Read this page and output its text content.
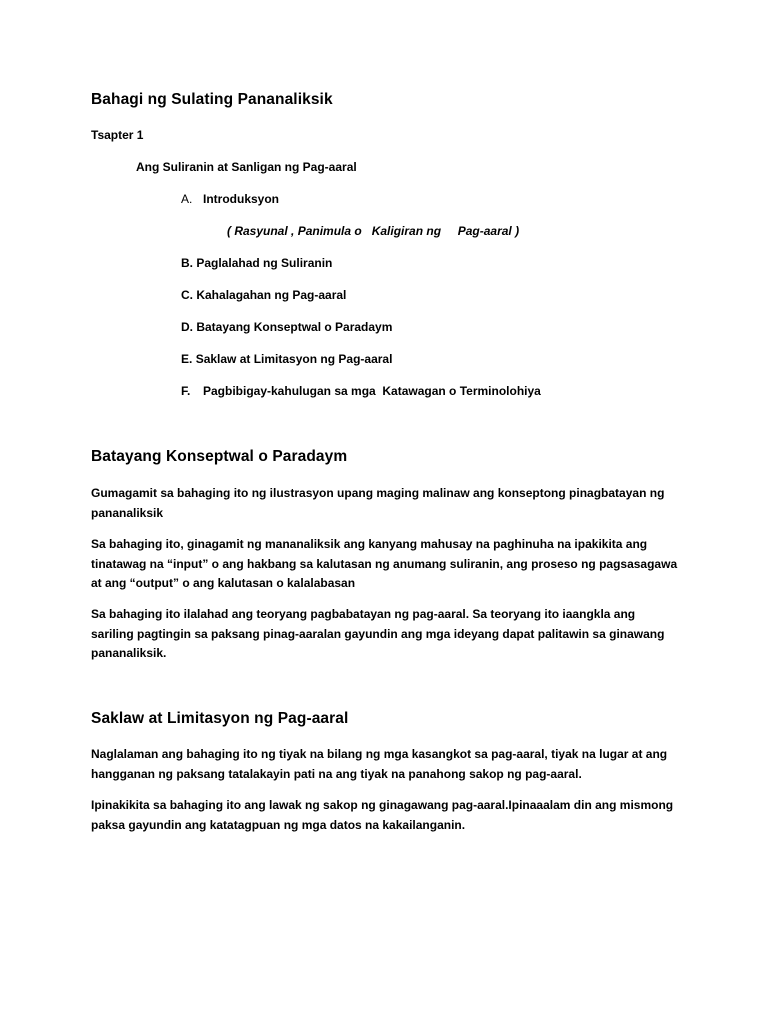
Bahagi ng Sulating Pananaliksik
Tsapter 1
Ang Suliranin at Sanligan ng Pag-aaral
A. Introduksyon
( Rasyunal , Panimula o   Kaligiran ng     Pag-aaral )
B. Paglalahad ng Suliranin
C. Kahalagahan ng Pag-aaral
D. Batayang Konseptwal o Paradaym
E. Saklaw at Limitasyon ng Pag-aaral
F. Pagbibigay-kahulugan sa mga  Katawagan o Terminolohiya
Batayang Konseptwal o Paradaym
Gumagamit sa bahaging ito ng ilustrasyon upang maging malinaw ang konseptong pinagbatayan ng pananaliksik
Sa bahaging ito, ginagamit ng mananaliksik ang kanyang mahusay na paghinuha na ipakikita ang tinatawag na “input” o ang hakbang sa kalutasan ng anumang suliranin, ang proseso ng pagsasagawa at ang “output” o ang kalutasan o kalalabasan
Sa bahaging ito ilalahad ang teoryang pagbabatayan ng pag-aaral. Sa teoryang ito iaangkla ang sariling pagtingin sa paksang pinag-aaralan gayundin ang mga ideyang dapat palitawin sa ginawang pananaliksik.
Saklaw at Limitasyon ng Pag-aaral
Naglalaman ang bahaging ito ng tiyak na bilang ng mga kasangkot sa pag-aaral, tiyak na lugar at ang hangganan ng paksang tatalakayin pati na ang tiyak na panahong sakop ng pag-aaral.
Ipinakikita sa bahaging ito ang lawak ng sakop ng ginagawang pag-aaral.Ipinaaalam din ang mismong paksa gayundin ang katatagpuan ng mga datos na kakailanganin.
